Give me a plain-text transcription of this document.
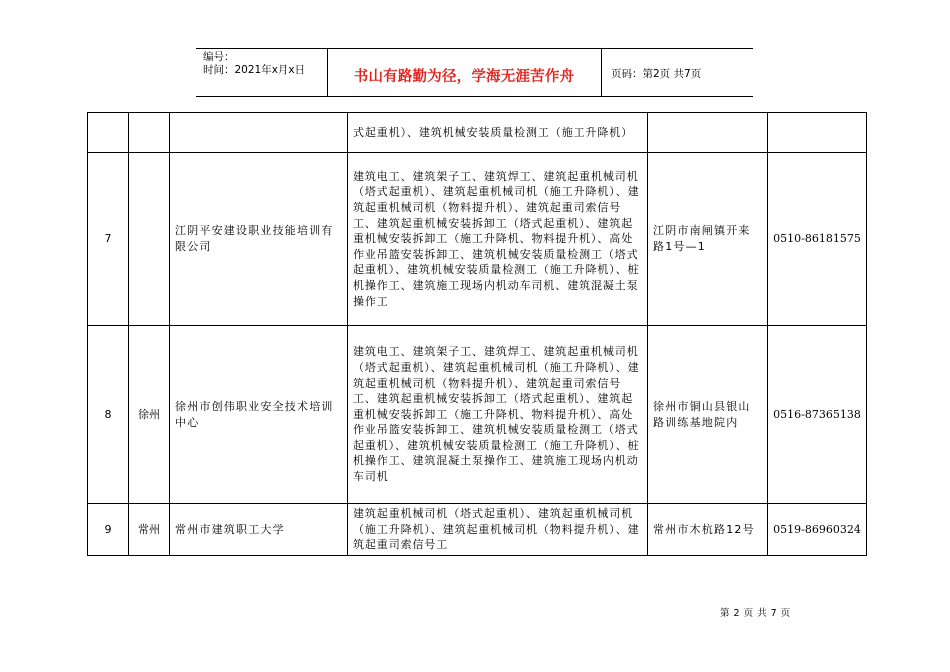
编号：
时间：2021年x月x日	书山有路勤为径，学海无涯苦作舟	页码：第2页 共7页
			式起重机）、建筑机械安装质量检测工（施工升降机）		
7		江阴平安建设职业技能培训有限公司	建筑电工、建筑架子工、建筑焊工、建筑起重机械司机（塔式起重机）、建筑起重机械司机（施工升降机）、建筑起重机械司机（物料提升机）、建筑起重司索信号工、建筑起重机械安装拆卸工（塔式起重机）、建筑起重机械安装拆卸工（施工升降机、物料提升机）、高处作业吊篮安装拆卸工、建筑机械安装质量检测工（塔式起重机）、建筑机械安装质量检测工（施工升降机）、桩机操作工、建筑施工现场内机动车司机、建筑混凝土泵操作工	江阴市南闸镇开来路1号—1	0510-86181575
8	徐州	徐州市创伟职业安全技术培训中心	建筑电工、建筑架子工、建筑焊工、建筑起重机械司机（塔式起重机）、建筑起重机械司机（施工升降机）、建筑起重机械司机（物料提升机）、建筑起重司索信号工、建筑起重机械安装拆卸工（塔式起重机）、建筑起重机械安装拆卸工（施工升降机、物料提升机）、高处作业吊篮安装拆卸工、建筑机械安装质量检测工（塔式起重机）、建筑机械安装质量检测工（施工升降机）、桩机操作工、建筑混凝土泵操作工、建筑施工现场内机动车司机	徐州市铜山县银山路训练基地院内	0516-87365138
9	常州	常州市建筑职工大学	建筑起重机械司机（塔式起重机）、建筑起重机械司机（施工升降机）、建筑起重机械司机（物料提升机）、建筑起重司索信号工	常州市木杭路12号	0519-86960324
第 2 页 共 7 页
